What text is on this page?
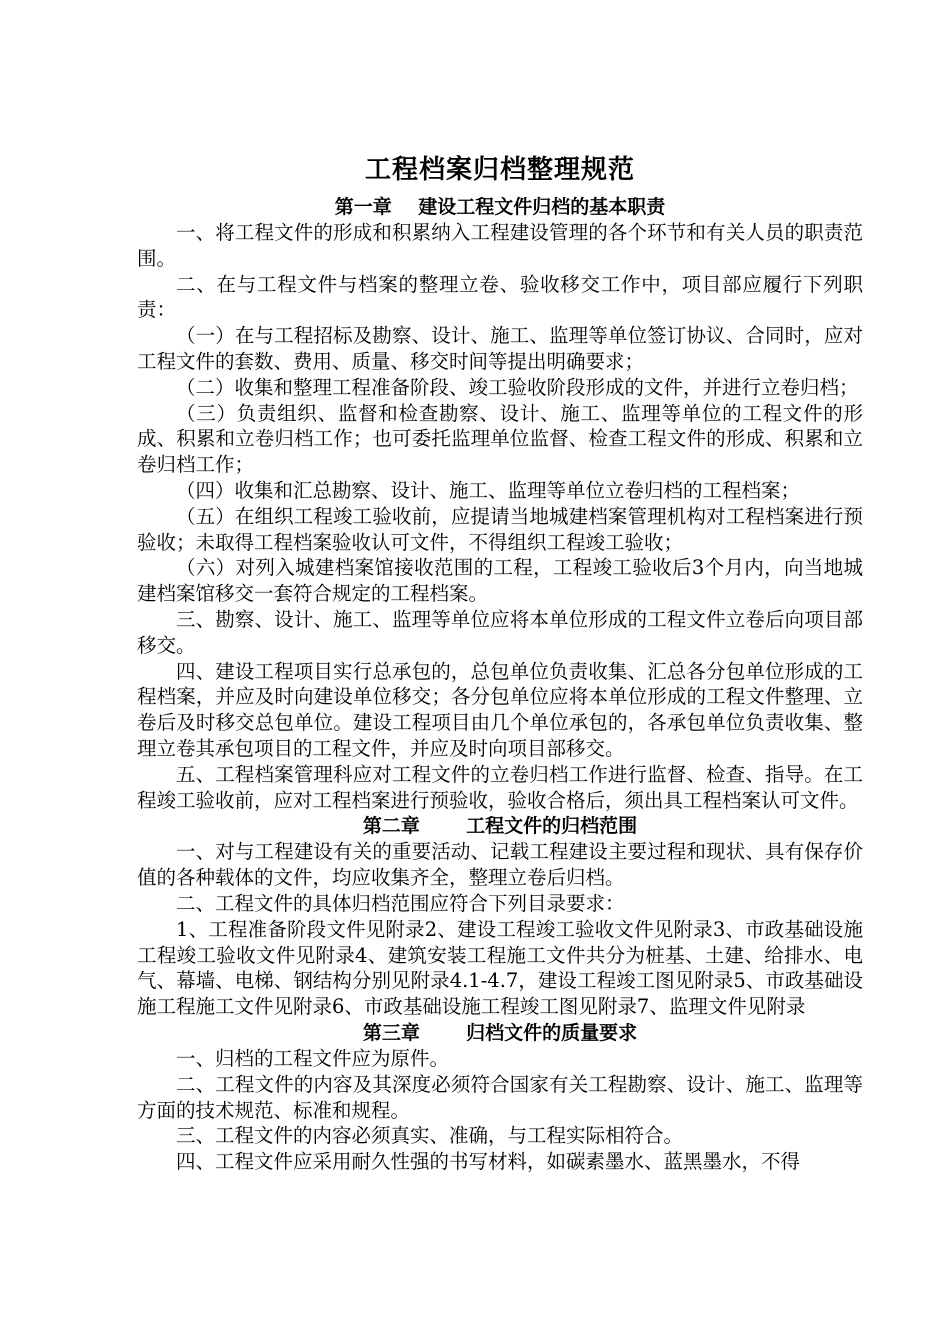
工程档案归档整理规范
第一章    建设工程文件归档的基本职责

一、将工程文件的形成和积累纳入工程建设管理的各个环节和有关人员的职责范围。

二、在与工程文件与档案的整理立卷、验收移交工作中，项目部应履行下列职责：

（一）在与工程招标及勘察、设计、施工、监理等单位签订协议、合同时，应对工程文件的套数、费用、质量、移交时间等提出明确要求；

（二）收集和整理工程准备阶段、竣工验收阶段形成的文件，并进行立卷归档；

（三）负责组织、监督和检查勘察、设计、施工、监理等单位的工程文件的形成、积累和立卷归档工作；也可委托监理单位监督、检查工程文件的形成、积累和立卷归档工作；

（四）收集和汇总勘察、设计、施工、监理等单位立卷归档的工程档案；

（五）在组织工程竣工验收前，应提请当地城建档案管理机构对工程档案进行预验收；未取得工程档案验收认可文件，不得组织工程竣工验收；

（六）对列入城建档案馆接收范围的工程，工程竣工验收后3个月内，向当地城建档案馆移交一套符合规定的工程档案。

三、勘察、设计、施工、监理等单位应将本单位形成的工程文件立卷后向项目部移交。

四、建设工程项目实行总承包的，总包单位负责收集、汇总各分包单位形成的工程档案，并应及时向建设单位移交；各分包单位应将本单位形成的工程文件整理、立卷后及时移交总包单位。建设工程项目由几个单位承包的，各承包单位负责收集、整理立卷其承包项目的工程文件，并应及时向项目部移交。

五、工程档案管理科应对工程文件的立卷归档工作进行监督、检查、指导。在工程竣工验收前，应对工程档案进行预验收，验收合格后，须出具工程档案认可文件。

第二章       工程文件的归档范围

一、对与工程建设有关的重要活动、记载工程建设主要过程和现状、具有保存价值的各种载体的文件，均应收集齐全，整理立卷后归档。

二、工程文件的具体归档范围应符合下列目录要求：

1、工程准备阶段文件见附录2、建设工程竣工验收文件见附录3、市政基础设施工程竣工验收文件见附录4、建筑安装工程施工文件共分为桩基、土建、给排水、电气、幕墙、电梯、钢结构分别见附录4.1-4.7，建设工程竣工图见附录5、市政基础设施工程施工文件见附录6、市政基础设施工程竣工图见附录7、监理文件见附录

第三章       归档文件的质量要求

一、归档的工程文件应为原件。

二、工程文件的内容及其深度必须符合国家有关工程勘察、设计、施工、监理等方面的技术规范、标准和规程。

三、工程文件的内容必须真实、准确，与工程实际相符合。

四、工程文件应采用耐久性强的书写材料，如碳素墨水、蓝黑墨水，不得
